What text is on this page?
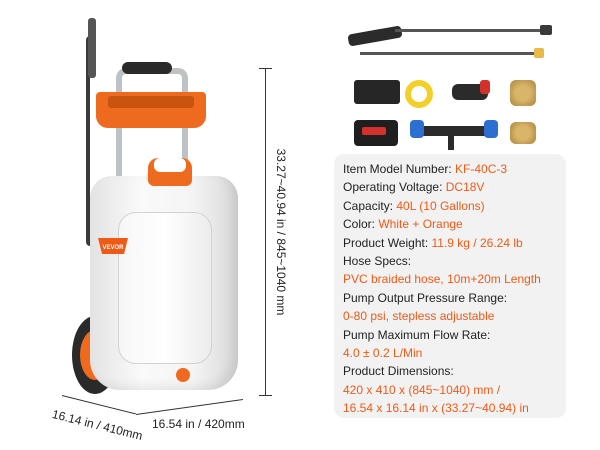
VEVOR	33.27~40.94 in / 845~1040 mm
16.14 in / 410mm 16.54 in / 420mm
Item Model Number: KF-40C-3
Operating Voltage: DC18V
Capacity: 40L (10 Gallons)
Color: White + Orange
Product Weight: 11.9 kg / 26.24 lb
Hose Specs:
PVC braided hose, 10m+20m Length
Pump Output Pressure Range:
0-80 psi, stepless adjustable
Pump Maximum Flow Rate:
4.0 ± 0.2 L/Min
Product Dimensions:
420 x 410 x (845~1040) mm /
16.54 x 16.14 in x (33.27~40.94) in
